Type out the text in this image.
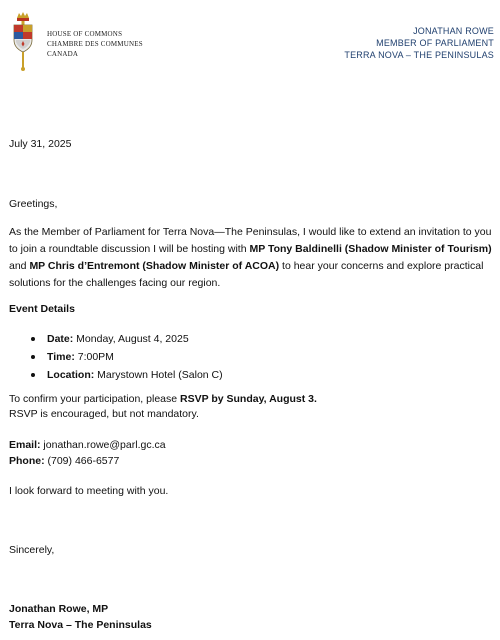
HOUSE OF COMMONS
CHAMBRE DES COMMUNES
CANADA
JONATHAN ROWE
MEMBER OF PARLIAMENT
TERRA NOVA – THE PENINSULAS
July 31, 2025
Greetings,
As the Member of Parliament for Terra Nova—The Peninsulas, I would like to extend an invitation to you to join a roundtable discussion I will be hosting with MP Tony Baldinelli (Shadow Minister of Tourism) and MP Chris d’Entremont (Shadow Minister of ACOA) to hear your concerns and explore practical solutions for the challenges facing our region.
Event Details
Date: Monday, August 4, 2025
Time: 7:00PM
Location: Marystown Hotel (Salon C)
To confirm your participation, please RSVP by Sunday, August 3.
RSVP is encouraged, but not mandatory.
Email: jonathan.rowe@parl.gc.ca
Phone: (709) 466-6577
I look forward to meeting with you.
Sincerely,
Jonathan Rowe, MP
Terra Nova – The Peninsulas
